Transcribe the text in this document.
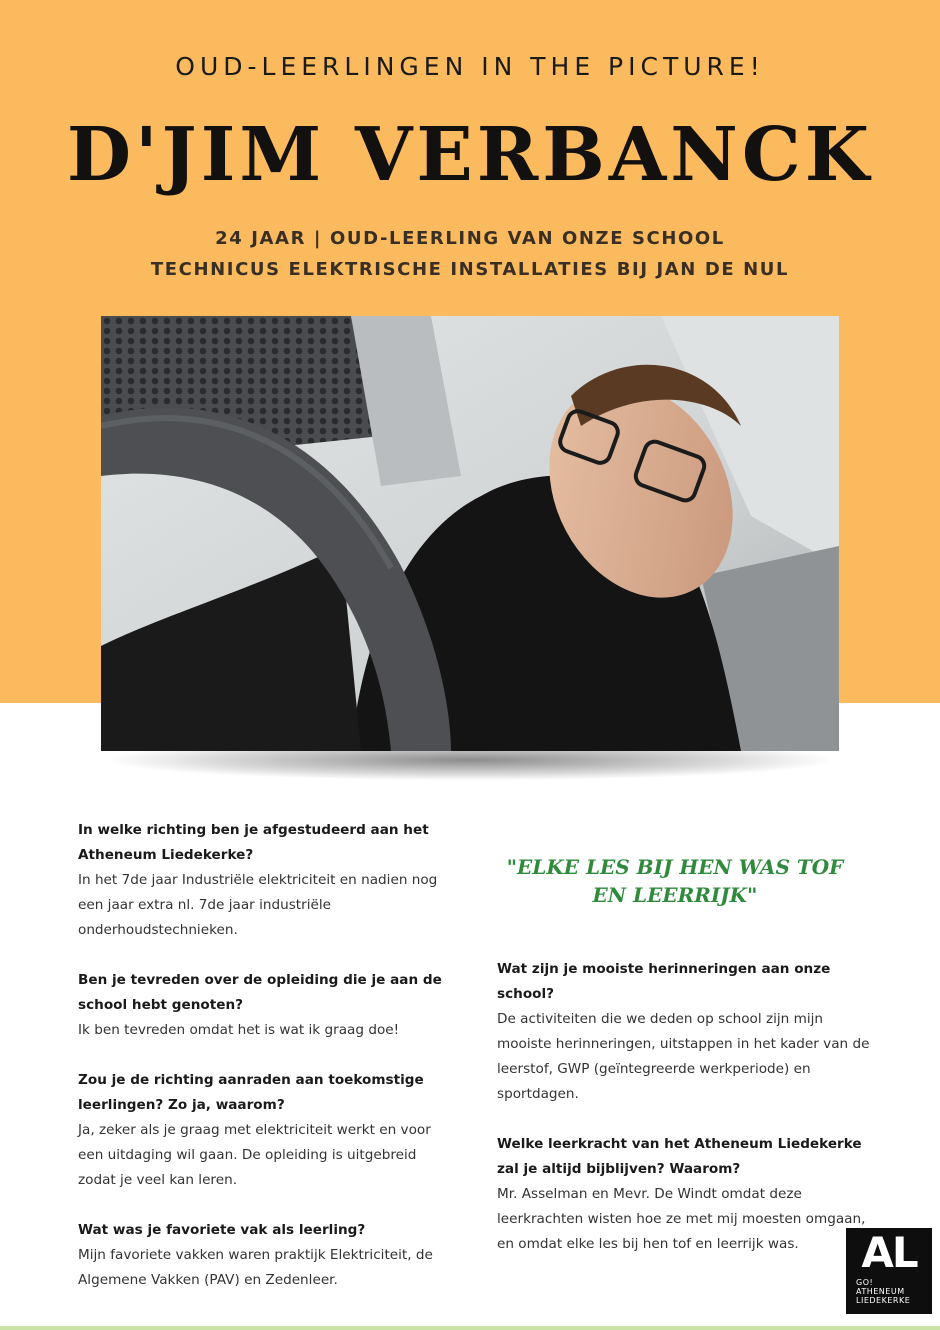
OUD-LEERLINGEN IN THE PICTURE!
D'JIM VERBANCK
24 JAAR | OUD-LEERLING VAN ONZE SCHOOL
TECHNICUS ELEKTRISCHE INSTALLATIES BIJ JAN DE NUL
"ELKE LES BIJ HEN WAS TOF
EN LEERRIJK"
In welke richting ben je afgestudeerd aan het Atheneum Liedekerke?
In het 7de jaar Industriële elektriciteit en nadien nog een jaar extra nl. 7de jaar industriële onderhoudstechnieken.
Ben je tevreden over de opleiding die je aan de school hebt genoten?
Ik ben tevreden omdat het is wat ik graag doe!
Zou je de richting aanraden aan toekomstige leerlingen? Zo ja, waarom?
Ja, zeker als je graag met elektriciteit werkt en voor een uitdaging wil gaan. De opleiding is uitgebreid zodat je veel kan leren.
Wat was je favoriete vak als leerling?
Mijn favoriete vakken waren praktijk Elektriciteit, de Algemene Vakken (PAV) en Zedenleer.
Wat zijn je mooiste herinneringen aan onze school?
De activiteiten die we deden op school zijn mijn mooiste herinneringen, uitstappen in het kader van de leerstof, GWP (geïntegreerde werkperiode) en sportdagen.
Welke leerkracht van het Atheneum Liedekerke zal je altijd bijblijven? Waarom?
Mr. Asselman en Mevr. De Windt omdat deze leerkrachten wisten hoe ze met mij moesten omgaan, en omdat elke les bij hen tof en leerrijk was.	AL
GO!
ATHENEUM
LIEDEKERKE
